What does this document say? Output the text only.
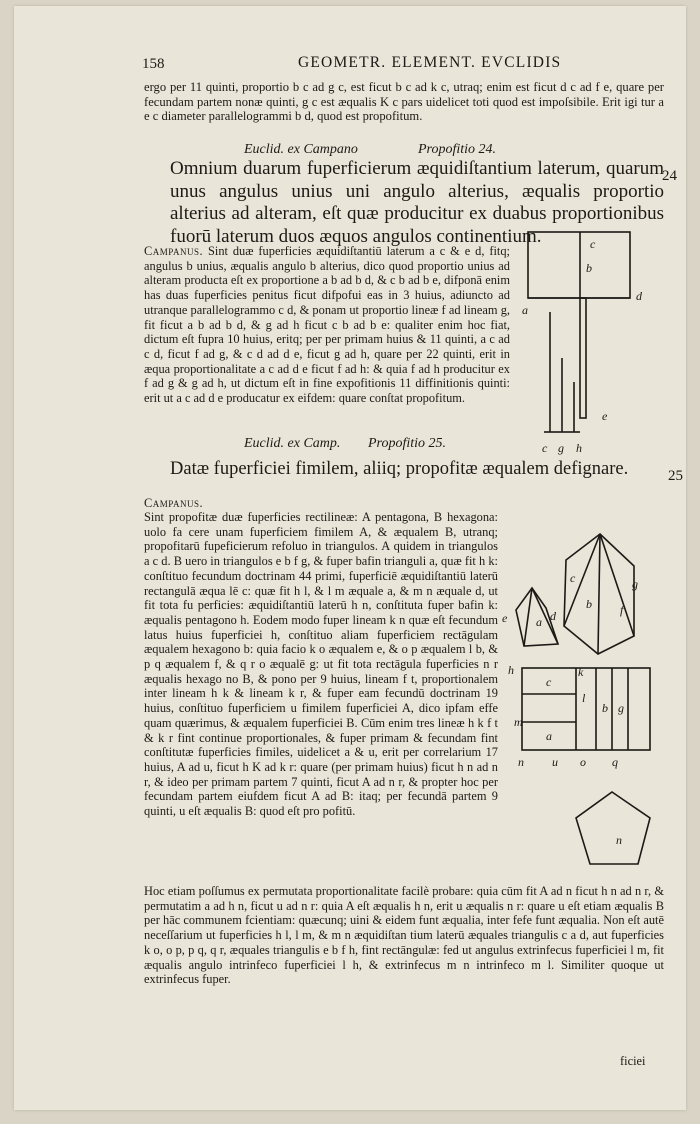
158	GEOMETR. ELEMENT. EVCLIDIS

ergo per 11 quinti, proportio b c ad g c, est ficut b c ad k c, utraq; enim est ficut d c ad f e, quare per fecundam partem nonæ quinti, g c est æqualis K c pars uidelicet toti quod est impoſsibile. Erit igi tur a e c diameter parallelogrammi b d, quod est propofitum.

Euclid. ex Campano	Propofitio 24.
24
Omnium duarum fuperficierum æquidiſtantium laterum, quarum unus angulus unius uni angulo alterius, æqualis proportio alterius ad alteram, eſt quæ producitur ex duabus proportionibus fuorū laterum duos æquos angulos continentium.

Campanus. Sint duæ fuperficies æquidiſtantiū laterum a c & e d, fitq; angulus b unius, æqualis angulo b alterius, dico quod proportio unius ad alteram producta eſt ex proportione a b ad b d, & c b ad b e, difponā enim has duas fuperficies penitus ficut difpofui eas in 3 huius, adiuncto ad utranque parallelogrammo c d, & ponam ut proportio lineæ f ad lineam g, fit ficut a b ad b d, & g ad h ficut c b ad b e: qualiter enim hoc fiat, dictum eſt fupra 10 huius, eritq; per per primam huius & 11 quinti, a c ad c d, ficut f ad g, & c d ad d e, ficut g ad h, quare per 22 quinti, erit in æqua proportionalitate a c ad d e ficut f ad h: & quia f ad h producitur ex f ad g & g ad h, ut dictum eſt in fine expofitionis 11 diffinitionis quinti: erit ut a c ad d e producatur ex eifdem: quare conſtat propofitum.

c
b
a
d
e
c g h
Euclid. ex Camp. Propofitio 25.
25
Datæ fuperficiei fimilem, aliiq; propofitæ æqualem defignare.

Campanus.

Sint propofitæ duæ fuperficies rectilineæ: A pentagona, B hexagona: uolo fa cere unam fuperficiem fimilem A, & æqualem B, utranq; propofitarū fupeficierum refoluo in triangulos. A quidem in triangulos a c d. B uero in triangulos e b f g, & fuper bafin trianguli a, quæ fit h k: conſtituo fecundum doctrinam 44 primi, fuperficiē æquidiſtantiū laterū rectangulā æqua lē c: quæ fit h l, & l m æquale a, & m n æquale d, ut fit tota fu perficies: æquidiſtantiū laterū h n, conſtituta fuper bafin k: æqualis pentagono h. Eodem modo fuper lineam k n quæ eſt fecundum latus huius fuperficiei h, conſtituo aliam fuperficiem rectāgulam æqualem hexagono b: quia facio k o æqualem e, & o p æqualem l b, & p q æqualem f, & q r o æqualē g: ut fit tota rectāgula fuperficies n r æqualis hexago no B, & pono per 9 huius, lineam f t, proportionalem inter lineam h k & lineam k r, & fuper eam fecundū doctrinam 19 huius, conſtituo fuperficiem u fimilem fuperficiei A, dico ipfam effe quam quærimus, & æqualem fuperficiei B. Cūm enim tres lineæ h k f t & k r fint continue proportionales, & fuper primam & fecundam fint conſtitutæ fuperficies fimiles, uidelicet a & u, erit per correlarium 17 huius, A ad u, ficut h K ad k r: quare (per primam huius) ficut h n ad n r, & ideo per primam partem 7 quinti, ficut A ad n r, & propter hoc per fecundam partem eiufdem ficut A ad B: itaq; per fecundā partem 9 quinti, u eſt æqualis B: quod eſt pro pofitū.

Hoc etiam poſſumus ex permutata proportionalitate facilè probare: quia cūm fit A ad n ficut h n ad n r, & permutatim a ad h n, ficut u ad n r: quia A eſt æqualis h n, erit u æqualis n r: quare u eſt etiam æqualis B per hāc communem fcientiam: quæcunq; uini & eidem funt æqualia, inter fefe funt æqualia. Non eſt autē neceſſarium ut fuperficies h l, l m, & m n æquidiſtan tium laterū æquales triangulis c a d, aut fuperficies k o, o p, p q, q r, æquales triangulis e b f h, fint rectāngulæ: fed ut angulus extrinfecus fuperficiei l m, fit æqualis angulo intrinfeco fuperficiei l h, & extrinfecus m n intrinfeco m l. Similiter quoque ut extrinfecus fuper.

ficiei
c
a d
e
b f
g
h	k
l
m
c
a
b g
n u o q
n
